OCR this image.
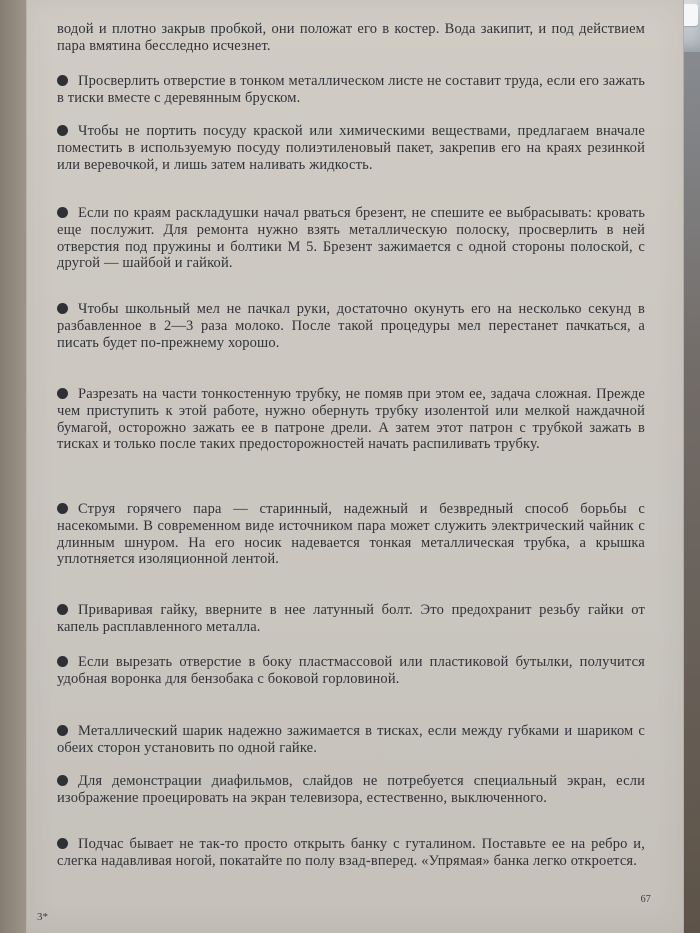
водой и плотно закрыв пробкой, они положат его в костер. Вода закипит, и под действием пара вмятина бесследно исчезнет.
Просверлить отверстие в тонком металлическом листе не составит труда, если его зажать в тиски вместе с деревянным бруском.
Чтобы не портить посуду краской или химическими веществами, предлагаем вначале поместить в используемую посуду полиэтиленовый пакет, закрепив его на краях резинкой или веревочкой, и лишь затем наливать жидкость.
Если по краям раскладушки начал рваться брезент, не спешите ее выбрасывать: кровать еще послужит. Для ремонта нужно взять металлическую полоску, просверлить в ней отверстия под пружины и болтики М 5. Брезент зажимается с одной стороны полоской, с другой — шайбой и гайкой.
Чтобы школьный мел не пачкал руки, достаточно окунуть его на несколько секунд в разбавленное в 2—3 раза молоко. После такой процедуры мел перестанет пачкаться, а писать будет по-прежнему хорошо.
Разрезать на части тонкостенную трубку, не помяв при этом ее, задача сложная. Прежде чем приступить к этой работе, нужно обернуть трубку изолентой или мелкой наждачной бумагой, осторожно зажать ее в патроне дрели. А затем этот патрон с трубкой зажать в тисках и только после таких предосторожностей начать распиливать трубку.
Струя горячего пара — старинный, надежный и безвредный способ борьбы с насекомыми. В современном виде источником пара может служить электрический чайник с длинным шнуром. На его носик надевается тонкая металлическая трубка, а крышка уплотняется изоляционной лентой.
Приваривая гайку, вверните в нее латунный болт. Это предохранит резьбу гайки от капель расплавленного металла.
Если вырезать отверстие в боку пластмассовой или пластиковой бутылки, получится удобная воронка для бензобака с боковой горловиной.
Металлический шарик надежно зажимается в тисках, если между губками и шариком с обеих сторон установить по одной гайке.
Для демонстрации диафильмов, слайдов не потребуется специальный экран, если изображение проецировать на экран телевизора, естественно, выключенного.
Подчас бывает не так-то просто открыть банку с гуталином. Поставьте ее на ребро и, слегка надавливая ногой, покатайте по полу взад-вперед. «Упрямая» банка легко откроется.
67
3*
